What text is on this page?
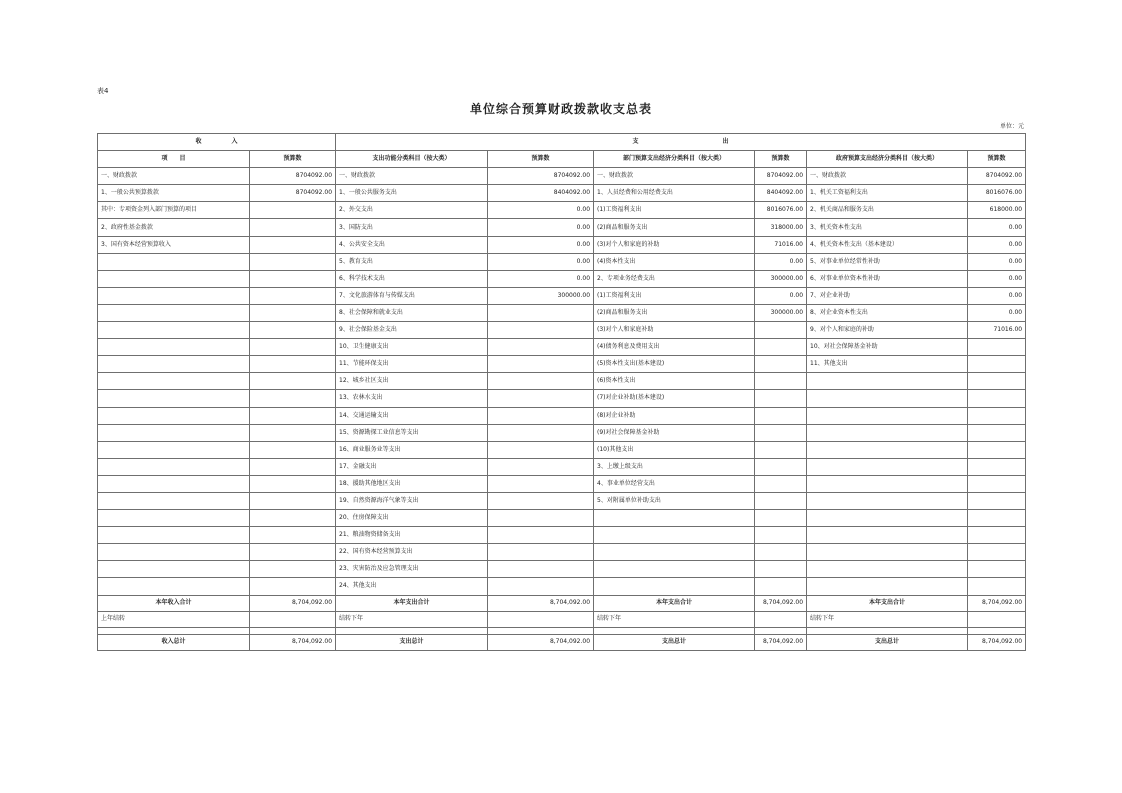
表4
单位综合预算财政拨款收支总表
单位：元
收　　　　　入		支　　　　　　　　　　　　　　出					
项　　目	预算数	支出功能分类科目（按大类）	预算数	部门预算支出经济分类科目（按大类）	预算数	政府预算支出经济分类科目（按大类）	预算数
一、财政拨款	8704092.00	一、财政拨款	8704092.00	一、财政拨款	8704092.00	一、财政拨款	8704092.00
1、一般公共预算拨款	8704092.00	1、一般公共服务支出	8404092.00	1、人员经费和公用经费支出	8404092.00	1、机关工资福利支出	8016076.00
其中：专项资金列入部门预算的项目		2、外交支出	0.00	(1)工资福利支出	8016076.00	2、机关商品和服务支出	618000.00
2、政府性基金拨款		3、国防支出	0.00	(2)商品和服务支出	318000.00	3、机关资本性支出	0.00
3、国有资本经营预算收入		4、公共安全支出	0.00	(3)对个人和家庭的补助	71016.00	4、机关资本性支出（基本建设）	0.00
		5、教育支出	0.00	(4)资本性支出	0.00	5、对事业单位经常性补助	0.00
		6、科学技术支出	0.00	2、专项业务经费支出	300000.00	6、对事业单位资本性补助	0.00
		7、文化旅游体育与传媒支出	300000.00	(1)工资福利支出	0.00	7、对企业补助	0.00
		8、社会保障和就业支出		(2)商品和服务支出	300000.00	8、对企业资本性支出	0.00
		9、社会保险基金支出		(3)对个人和家庭补助		9、对个人和家庭的补助	71016.00
		10、卫生健康支出		(4)债务利息及费用支出		10、对社会保障基金补助	
		11、节能环保支出		(5)资本性支出(基本建设)		11、其他支出	
		12、城乡社区支出		(6)资本性支出			
		13、农林水支出		(7)对企业补助(基本建设)			
		14、交通运输支出		(8)对企业补助			
		15、资源勘探工业信息等支出		(9)对社会保障基金补助			
		16、商业服务业等支出		(10)其他支出			
		17、金融支出		3、上缴上级支出			
		18、援助其他地区支出		4、事业单位经营支出			
		19、自然资源海洋气象等支出		5、对附属单位补助支出			
		20、住房保障支出					
		21、粮油物资储备支出					
		22、国有资本经营预算支出					
		23、灾害防治及应急管理支出					
		24、其他支出					
本年收入合计	8,704,092.00	本年支出合计	8,704,092.00	本年支出合计	8,704,092.00	本年支出合计	8,704,092.00
上年结转		结转下年		结转下年		结转下年	

收入总计	8,704,092.00	支出总计	8,704,092.00	支出总计	8,704,092.00	支出总计	8,704,092.00
